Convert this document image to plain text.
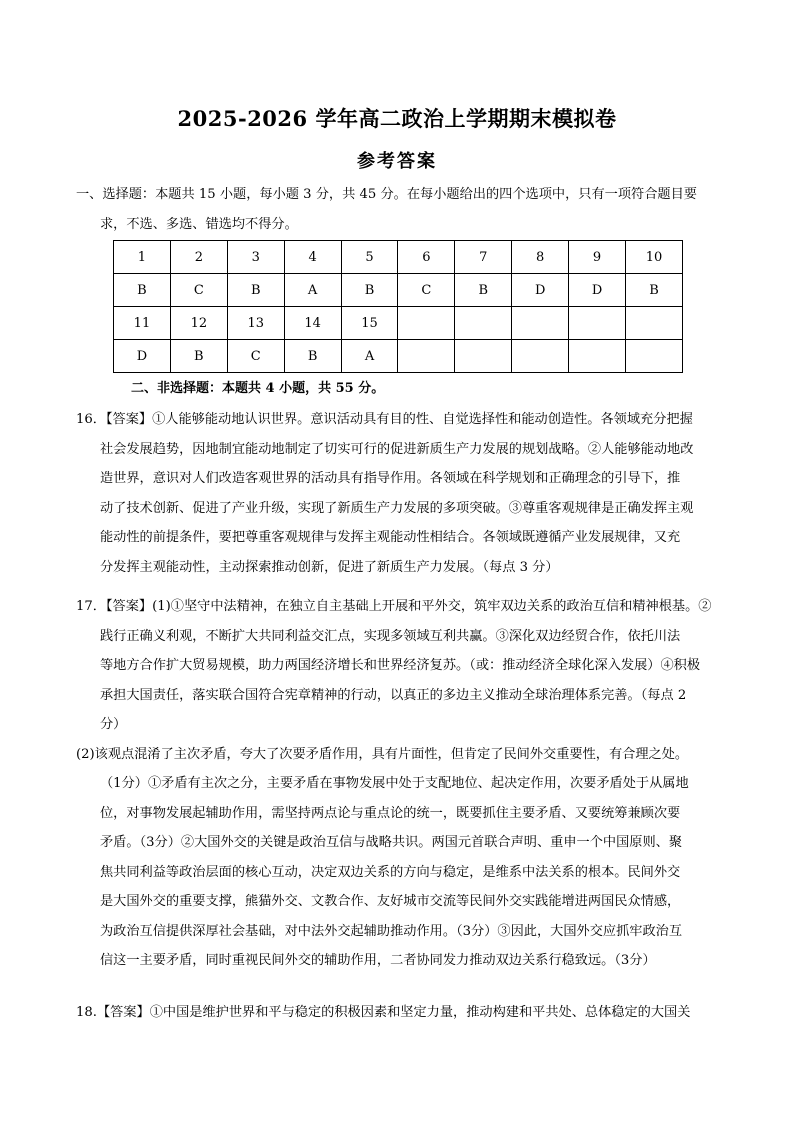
2025-2026 学年高二政治上学期期末模拟卷
参考答案

一、选择题：本题共 15 小题，每小题 3 分，共 45 分。在每小题给出的四个选项中，只有一项符合题目要

求，不选、多选、错选均不得分。

1	2	3	4	5	6	7	8	9	10
B	C	B	A	B	C	B	D	D	B
11	12	13	14	15					
D	B	C	B	A					
二、非选择题：本题共 4 小题，共 55 分。

16．【答案】①人能够能动地认识世界。意识活动具有目的性、自觉选择性和能动创造性。各领域充分把握

社会发展趋势，因地制宜能动地制定了切实可行的促进新质生产力发展的规划战略。②人能够能动地改

造世界，意识对人们改造客观世界的活动具有指导作用。各领域在科学规划和正确理念的引导下，推

动了技术创新、促进了产业升级，实现了新质生产力发展的多项突破。③尊重客观规律是正确发挥主观

能动性的前提条件，要把尊重客观规律与发挥主观能动性相结合。各领域既遵循产业发展规律，又充

分发挥主观能动性，主动探索推动创新，促进了新质生产力发展。（每点 3 分）

17．【答案】(1)①坚守中法精神，在独立自主基础上开展和平外交，筑牢双边关系的政治互信和精神根基。②

践行正确义利观，不断扩大共同利益交汇点，实现多领域互利共赢。③深化双边经贸合作，依托川法

等地方合作扩大贸易规模，助力两国经济增长和世界经济复苏。（或：推动经济全球化深入发展）④积极

承担大国责任，落实联合国符合宪章精神的行动，以真正的多边主义推动全球治理体系完善。（每点 2

分）

(2)该观点混淆了主次矛盾，夸大了次要矛盾作用，具有片面性，但肯定了民间外交重要性，有合理之处。

（1分）①矛盾有主次之分，主要矛盾在事物发展中处于支配地位、起决定作用，次要矛盾处于从属地

位，对事物发展起辅助作用，需坚持两点论与重点论的统一，既要抓住主要矛盾、又要统筹兼顾次要

矛盾。（3分）②大国外交的关键是政治互信与战略共识。两国元首联合声明、重申一个中国原则、聚

焦共同利益等政治层面的核心互动，决定双边关系的方向与稳定，是维系中法关系的根本。民间外交

是大国外交的重要支撑，熊猫外交、文教合作、友好城市交流等民间外交实践能增进两国民众情感，

为政治互信提供深厚社会基础，对中法外交起辅助推动作用。（3分）③因此，大国外交应抓牢政治互

信这一主要矛盾，同时重视民间外交的辅助作用，二者协同发力推动双边关系行稳致远。（3分）

18.【答案】①中国是维护世界和平与稳定的积极因素和坚定力量，推动构建和平共处、总体稳定的大国关
